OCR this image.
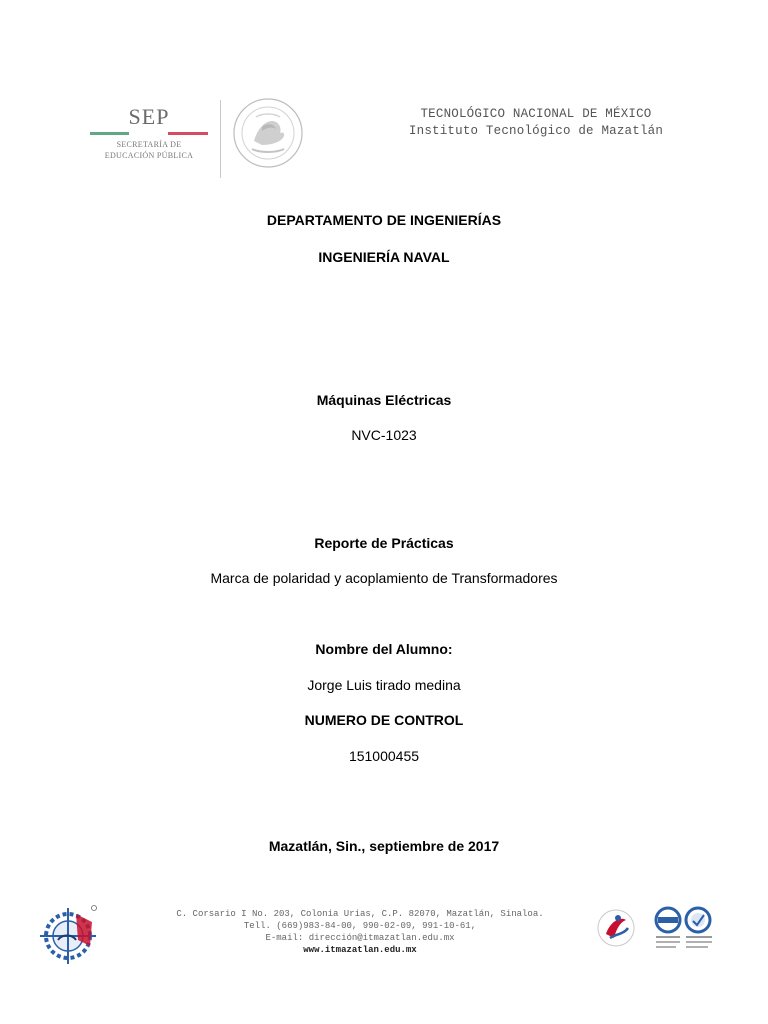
SEP
SECRETARÍA DE
EDUCACIÓN PÚBLICA
TECNOLÓGICO NACIONAL DE MÉXICO
Instituto Tecnológico de Mazatlán
DEPARTAMENTO DE INGENIERÍAS
INGENIERÍA NAVAL
Máquinas Eléctricas
NVC-1023
Reporte de Prácticas
Marca de polaridad y acoplamiento de Transformadores
Nombre del Alumno:
Jorge Luis tirado medina
NUMERO DE CONTROL
151000455
Mazatlán, Sin., septiembre de 2017
C. Corsario I No. 203, Colonia Urias, C.P. 82070, Mazatlán, Sinaloa.
Tell. (669)983-84-00, 990-02-09, 991-10-61,
E-mail: dirección@itmazatlan.edu.mx
www.itmazatlan.edu.mx
